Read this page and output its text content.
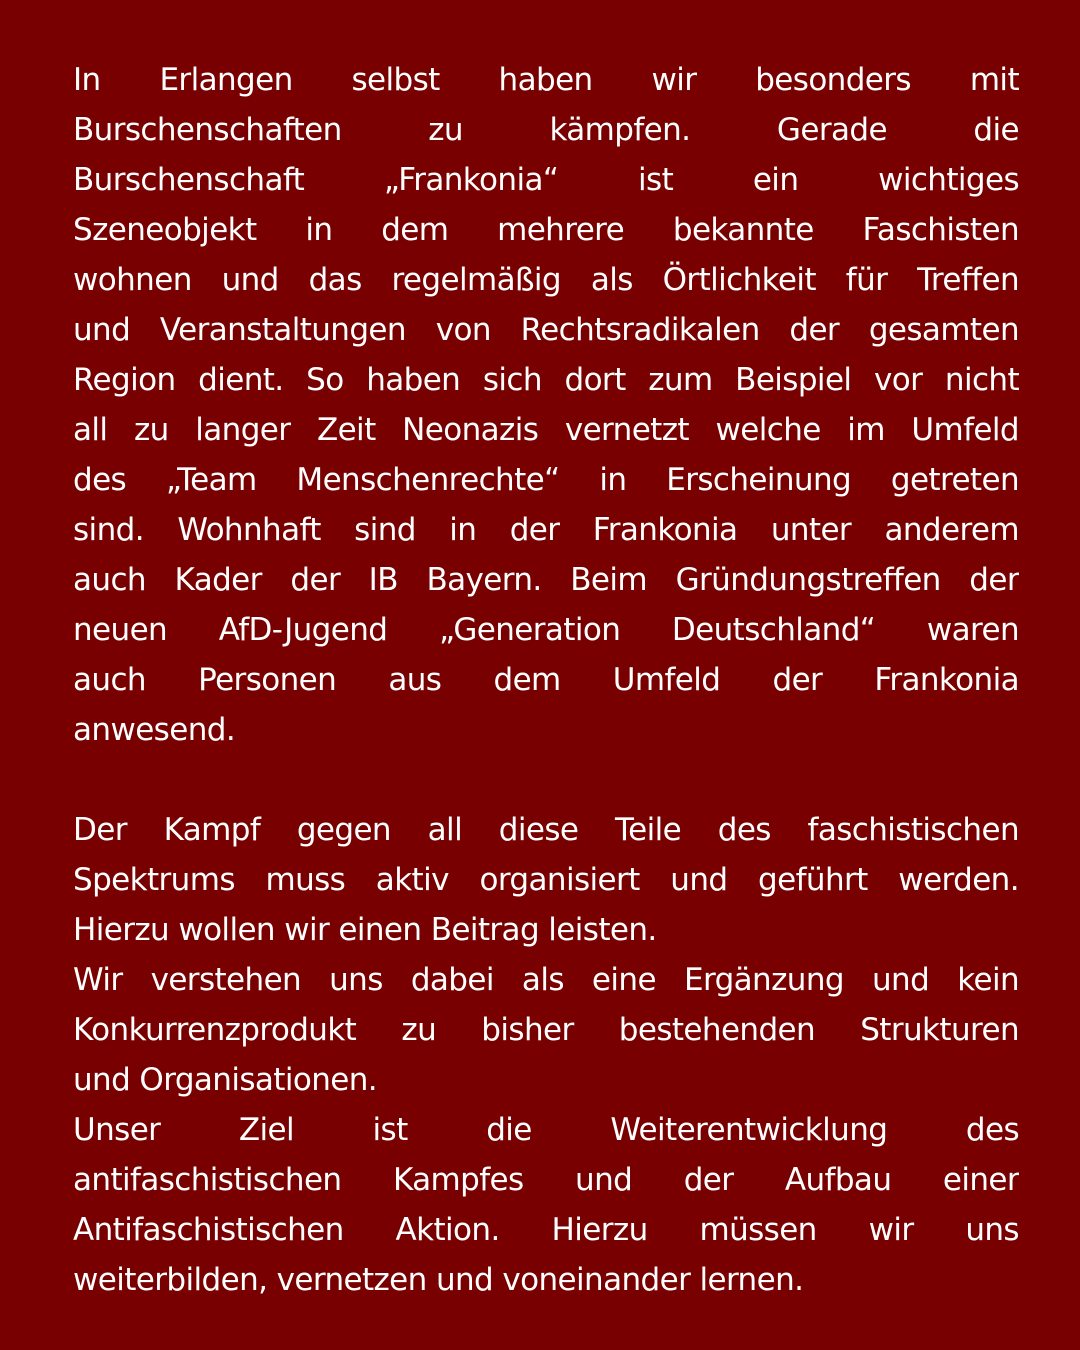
In Erlangen selbst haben wir besonders mit
Burschenschaften zu kämpfen. Gerade die
Burschenschaft „Frankonia“ ist ein wichtiges
Szeneobjekt in dem mehrere bekannte Faschisten
wohnen und das regelmäßig als Örtlichkeit für Treffen
und Veranstaltungen von Rechtsradikalen der gesamten
Region dient. So haben sich dort zum Beispiel vor nicht
all zu langer Zeit Neonazis vernetzt welche im Umfeld
des „Team Menschenrechte“ in Erscheinung getreten
sind. Wohnhaft sind in der Frankonia unter anderem
auch Kader der IB Bayern. Beim Gründungstreffen der
neuen AfD-Jugend „Generation Deutschland“ waren
auch Personen aus dem Umfeld der Frankonia
anwesend.
Der Kampf gegen all diese Teile des faschistischen
Spektrums muss aktiv organisiert und geführt werden.
Hierzu wollen wir einen Beitrag leisten.
Wir verstehen uns dabei als eine Ergänzung und kein
Konkurrenzprodukt zu bisher bestehenden Strukturen
und Organisationen.
Unser Ziel ist die Weiterentwicklung des
antifaschistischen Kampfes und der Aufbau einer
Antifaschistischen Aktion. Hierzu müssen wir uns
weiterbilden, vernetzen und voneinander lernen.
